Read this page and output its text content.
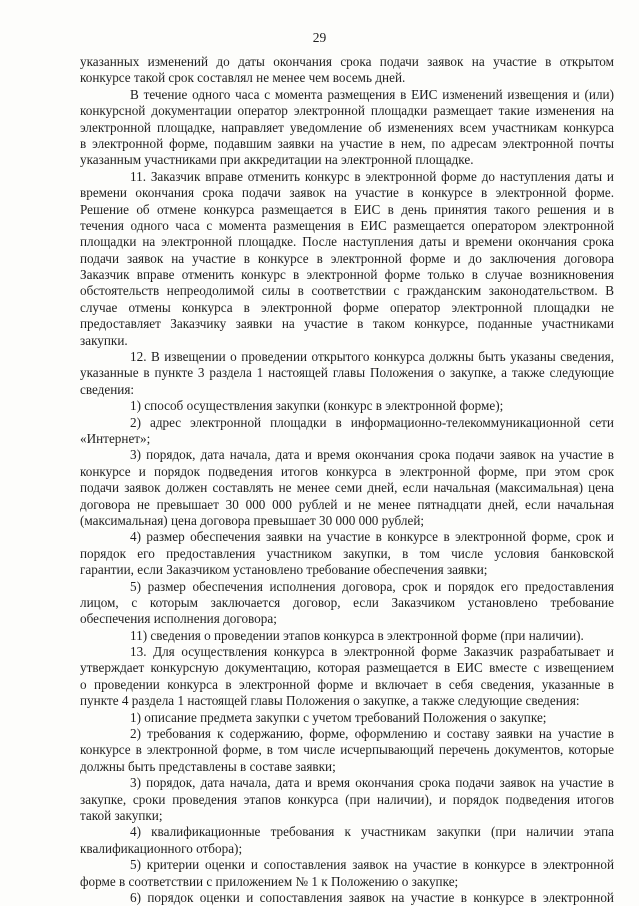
29
указанных изменений до даты окончания срока подачи заявок на участие в открытом
конкурсе такой срок составлял не менее чем восемь дней.
В течение одного часа с момента размещения в ЕИС изменений извещения и (или)
конкурсной документации оператор электронной площадки размещает такие изменения на
электронной площадке, направляет уведомление об изменениях всем участникам конкурса
в электронной форме, подавшим заявки на участие в нем, по адресам электронной почты
указанным участниками при аккредитации на электронной площадке.
11. Заказчик вправе отменить конкурс в электронной форме до наступления даты и
времени окончания срока подачи заявок на участие в конкурсе в электронной форме.
Решение об отмене конкурса размещается в ЕИС в день принятия такого решения и в
течения одного часа с момента размещения в ЕИС размещается оператором электронной
площадки на электронной площадке. После наступления даты и времени окончания срока
подачи заявок на участие в конкурсе в электронной форме и до заключения договора
Заказчик вправе отменить конкурс в электронной форме только в случае возникновения
обстоятельств непреодолимой силы в соответствии с гражданским законодательством. В
случае отмены конкурса в электронной форме оператор электронной площадки не
предоставляет Заказчику заявки на участие в таком конкурсе, поданные участниками
закупки.
12. В извещении о проведении открытого конкурса должны быть указаны сведения,
указанные в пункте 3 раздела 1 настоящей главы Положения о закупке, а также следующие
сведения:
1) способ осуществления закупки (конкурс в электронной форме);
2) адрес электронной площадки в информационно-телекоммуникационной сети
«Интернет»;
3) порядок, дата начала, дата и время окончания срока подачи заявок на участие в
конкурсе и порядок подведения итогов конкурса в электронной форме, при этом срок
подачи заявок должен составлять не менее семи дней, если начальная (максимальная) цена
договора не превышает 30 000 000 рублей и не менее пятнадцати дней, если начальная
(максимальная) цена договора превышает 30 000 000 рублей;
4) размер обеспечения заявки на участие в конкурсе в электронной форме, срок и
порядок его предоставления участником закупки, в том числе условия банковской
гарантии, если Заказчиком установлено требование обеспечения заявки;
5) размер обеспечения исполнения договора, срок и порядок его предоставления
лицом, с которым заключается договор, если Заказчиком установлено требование
обеспечения исполнения договора;
11) сведения о проведении этапов конкурса в электронной форме (при наличии).
13. Для осуществления конкурса в электронной форме Заказчик разрабатывает и
утверждает конкурсную документацию, которая размещается в ЕИС вместе с извещением
о проведении конкурса в электронной форме и включает в себя сведения, указанные в
пункте 4 раздела 1 настоящей главы Положения о закупке, а также следующие сведения:
1) описание предмета закупки с учетом требований Положения о закупке;
2) требования к содержанию, форме, оформлению и составу заявки на участие в
конкурсе в электронной форме, в том числе исчерпывающий перечень документов, которые
должны быть представлены в составе заявки;
3) порядок, дата начала, дата и время окончания срока подачи заявок на участие в
закупке, сроки проведения этапов конкурса (при наличии), и порядок подведения итогов
такой закупки;
4) квалификационные требования к участникам закупки (при наличии этапа
квалификационного отбора);
5) критерии оценки и сопоставления заявок на участие в конкурсе в электронной
форме в соответствии с приложением № 1 к Положению о закупке;
6) порядок оценки и сопоставления заявок на участие в конкурсе в электронной
